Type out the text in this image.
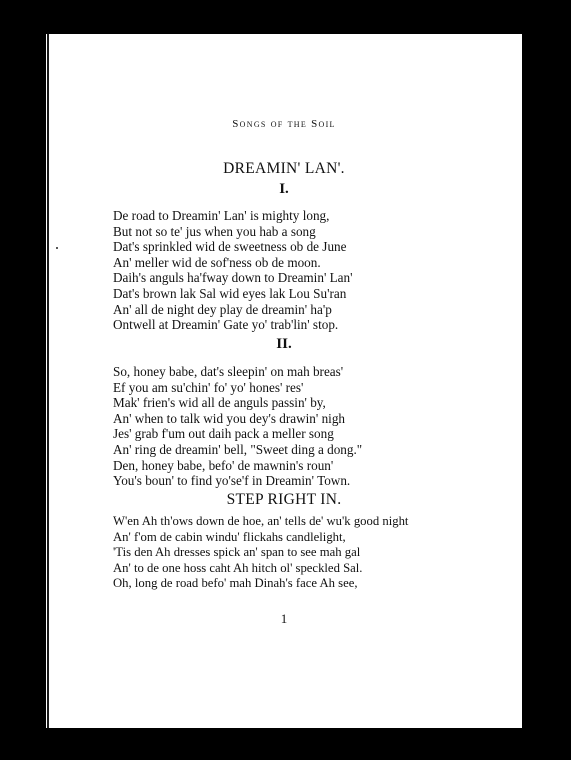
Songs of the Soil
DREAMIN' LAN'.
I.
De road to Dreamin' Lan' is mighty long,
But not so te' jus when you hab a song
Dat's sprinkled wid de sweetness ob de June
An' meller wid de sof'ness ob de moon.
Daih's anguls ha'fway down to Dreamin' Lan'
Dat's brown lak Sal wid eyes lak Lou Su'ran
An' all de night dey play de dreamin' ha'p
Ontwell at Dreamin' Gate yo' trab'lin' stop.
II.
So, honey babe, dat's sleepin' on mah breas'
Ef you am su'chin' fo' yo' hones' res'
Mak' frien's wid all de anguls passin' by,
An' when to talk wid you dey's drawin' nigh
Jes' grab f'um out daih pack a meller song
An' ring de dreamin' bell, "Sweet ding a dong."
Den, honey babe, befo' de mawnin's roun'
You's boun' to find yo'se'f in Dreamin' Town.
STEP RIGHT IN.
W'en Ah th'ows down de hoe, an' tells de' wu'k good night
An' f'om de cabin windu' flickahs candlelight,
'Tis den Ah dresses spick an' span to see mah gal
An' to de one hoss caht Ah hitch ol' speckled Sal.
Oh, long de road befo' mah Dinah's face Ah see,
1
